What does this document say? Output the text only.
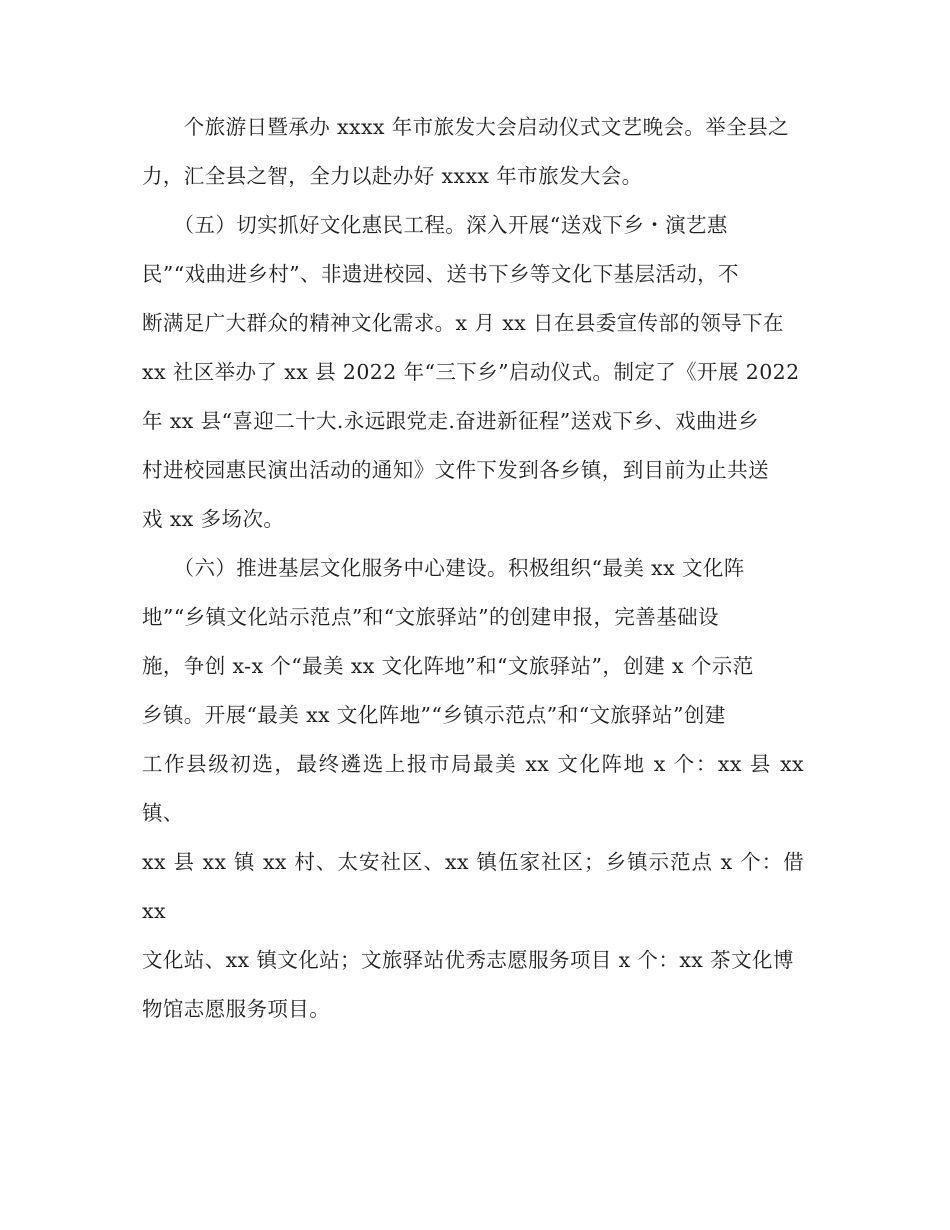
　　个旅游日暨承办 xxxx 年市旅发大会启动仪式文艺晚会。举全县之
力，汇全县之智，全力以赴办好 xxxx 年市旅发大会。

　　（五）切实抓好文化惠民工程。深入开展“送戏下乡・演艺惠
民”“戏曲进乡村”、非遗进校园、送书下乡等文化下基层活动，不
断满足广大群众的精神文化需求。x 月 xx 日在县委宣传部的领导下在
xx 社区举办了 xx 县 2022 年“三下乡”启动仪式。制定了《开展 2022
年 xx 县“喜迎二十大.永远跟党走.奋进新征程”送戏下乡、戏曲进乡
村进校园惠民演出活动的通知》文件下发到各乡镇，到目前为止共送
戏 xx 多场次。

　　（六）推进基层文化服务中心建设。积极组织“最美 xx 文化阵
地”“乡镇文化站示范点”和“文旅驿站”的创建申报，完善基础设
施，争创 x-x 个“最美 xx 文化阵地”和“文旅驿站”，创建 x 个示范
乡镇。开展“最美 xx 文化阵地”“乡镇示范点”和“文旅驿站”创建
工作县级初选，最终遴选上报市局最美 xx 文化阵地 x 个：xx 县 xx 镇、
xx 县 xx 镇 xx 村、太安社区、xx 镇伍家社区；乡镇示范点 x 个：借 xx
文化站、xx 镇文化站；文旅驿站优秀志愿服务项目 x 个：xx 茶文化博
物馆志愿服务项目。
